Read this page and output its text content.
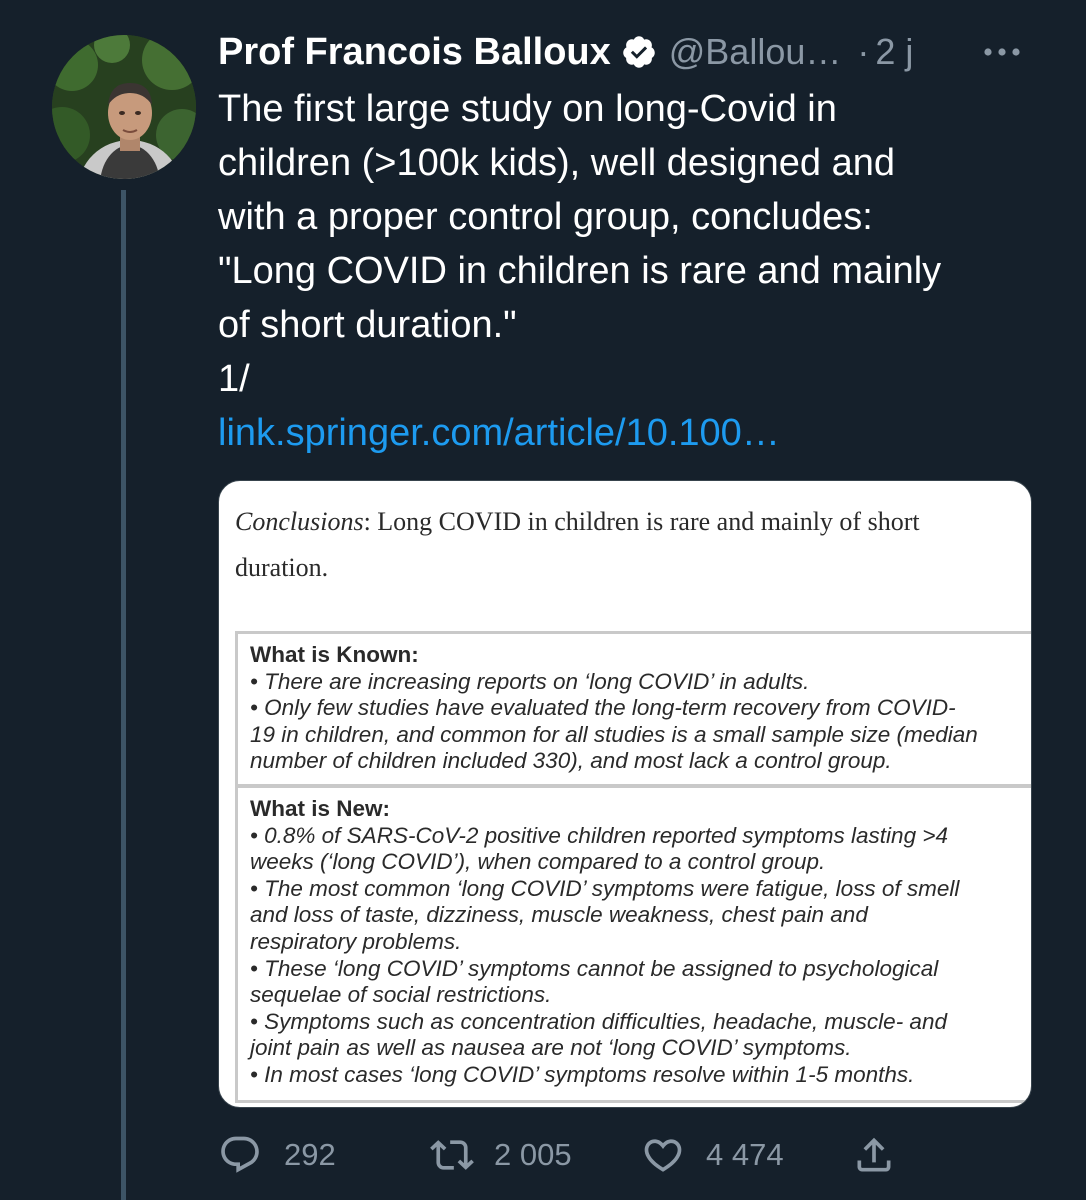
Prof Francois Balloux @Ballou… · 2 j
The first large study on long-Covid in
children (>100k kids), well designed and
with a proper control group, concludes:
"Long COVID in children is rare and mainly
of short duration."
1/
link.springer.com/article/10.100…
Conclusions: Long COVID in children is rare and mainly of short
duration.
What is Known:
• There are increasing reports on ‘long COVID’ in adults.
• Only few studies have evaluated the long-term recovery from COVID-
19 in children, and common for all studies is a small sample size (median
number of children included 330), and most lack a control group.
What is New:
• 0.8% of SARS-CoV-2 positive children reported symptoms lasting >4
weeks (‘long COVID’), when compared to a control group.
• The most common ‘long COVID’ symptoms were fatigue, loss of smell
and loss of taste, dizziness, muscle weakness, chest pain and
respiratory problems.
• These ‘long COVID’ symptoms cannot be assigned to psychological
sequelae of social restrictions.
• Symptoms such as concentration difficulties, headache, muscle- and
joint pain as well as nausea are not ‘long COVID’ symptoms.
• In most cases ‘long COVID’ symptoms resolve within 1-5 months.
292	2 005	4 474
